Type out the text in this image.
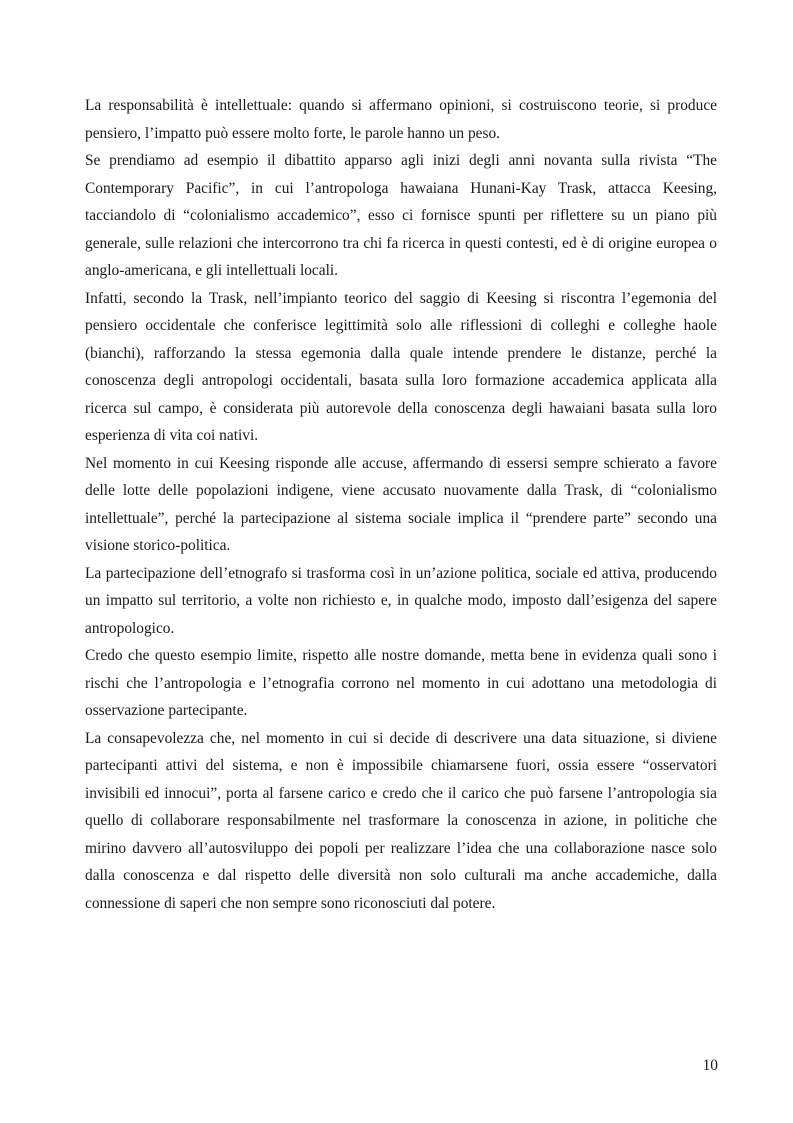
La responsabilità è intellettuale: quando si affermano opinioni, si costruiscono teorie, si produce pensiero, l’impatto può essere molto forte, le parole hanno un peso.

Se prendiamo ad esempio il dibattito apparso agli inizi degli anni novanta sulla rivista “The Contemporary Pacific”, in cui l’antropologa hawaiana Hunani-Kay Trask, attacca Keesing, tacciandolo di “colonialismo accademico”, esso ci fornisce spunti per riflettere su un piano più generale, sulle relazioni che intercorrono tra chi fa ricerca in questi contesti, ed è di origine europea o anglo-americana, e gli intellettuali locali.

Infatti, secondo la Trask, nell’impianto teorico del saggio di Keesing si riscontra l’egemonia del pensiero occidentale che conferisce legittimità solo alle riflessioni di colleghi e colleghe haole (bianchi), rafforzando la stessa egemonia dalla quale intende prendere le distanze, perché la conoscenza degli antropologi occidentali, basata sulla loro formazione accademica applicata alla ricerca sul campo, è considerata più autorevole della conoscenza degli hawaiani basata sulla loro esperienza di vita coi nativi.

Nel momento in cui Keesing risponde alle accuse, affermando di essersi sempre schierato a favore delle lotte delle popolazioni indigene, viene accusato nuovamente dalla Trask, di “colonialismo intellettuale”, perché la partecipazione al sistema sociale implica il “prendere parte” secondo una visione storico-politica.

La partecipazione dell’etnografo si trasforma così in un’azione politica, sociale ed attiva, producendo un impatto sul territorio, a volte non richiesto e, in qualche modo, imposto dall’esigenza del sapere antropologico.

Credo che questo esempio limite, rispetto alle nostre domande, metta bene in evidenza quali sono i rischi che l’antropologia e l’etnografia corrono nel momento in cui adottano una metodologia di osservazione partecipante.

La consapevolezza che, nel momento in cui si decide di descrivere una data situazione, si diviene partecipanti attivi del sistema, e non è impossibile chiamarsene fuori, ossia essere “osservatori invisibili ed innocui”, porta al farsene carico e credo che il carico che può farsene l’antropologia sia quello di collaborare responsabilmente nel trasformare la conoscenza in azione, in politiche che mirino davvero all’autosviluppo dei popoli per realizzare l’idea che una collaborazione nasce solo dalla conoscenza e dal rispetto delle diversità non solo culturali ma anche accademiche, dalla connessione di saperi che non sempre sono riconosciuti dal potere.

10
